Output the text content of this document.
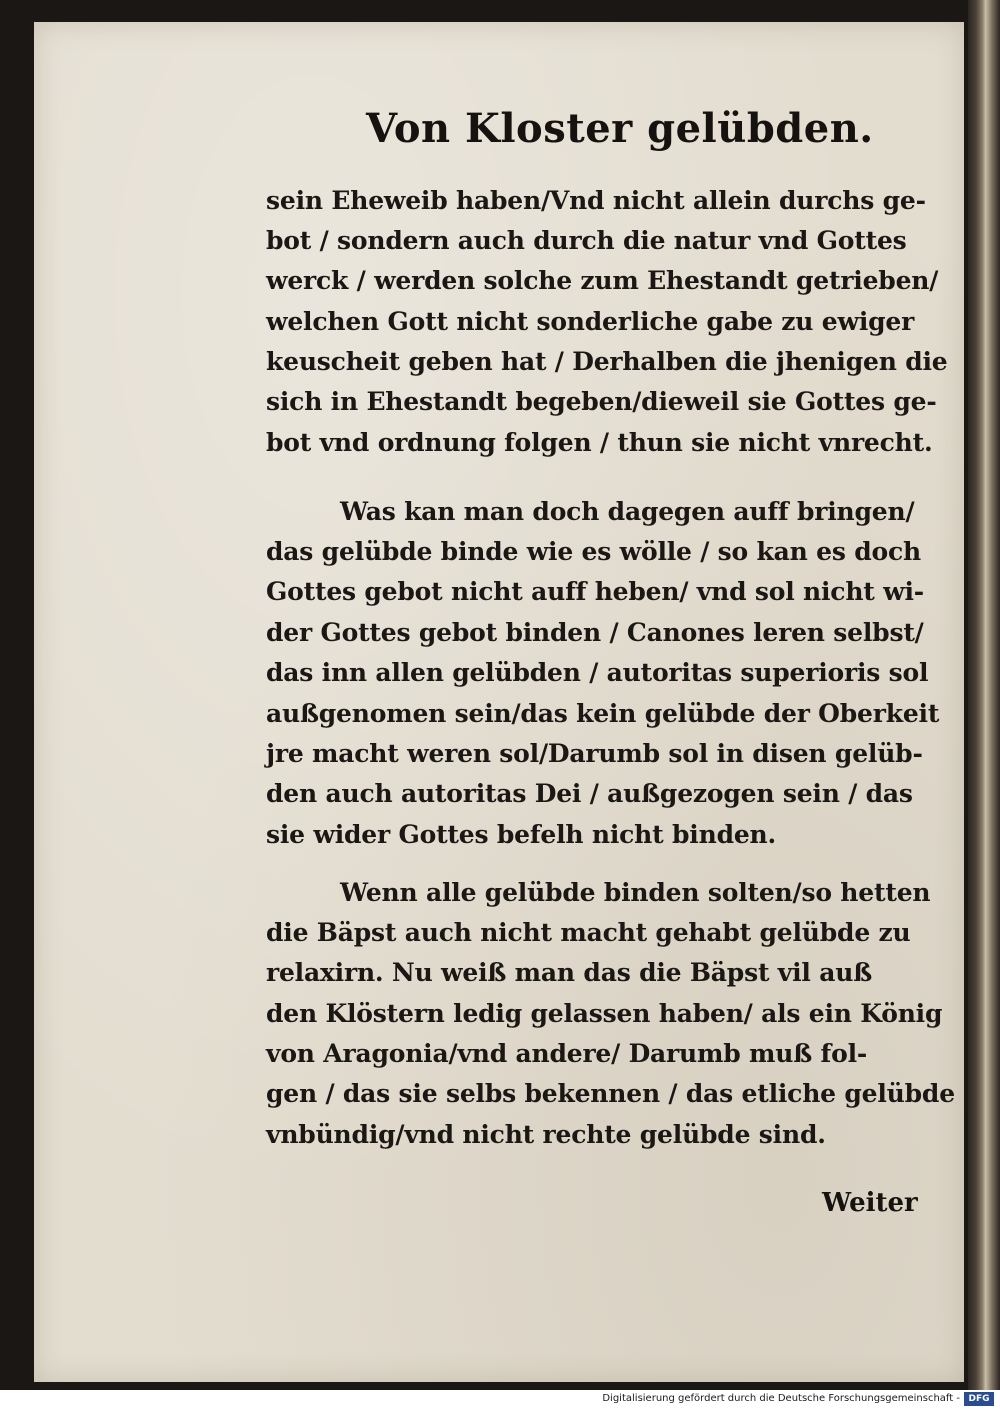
Von Kloster gelübden.
sein Eheweib haben/Vnd nicht allein durchs ge-
bot / sondern auch durch die natur vnd Gottes
werck / werden solche zum Ehestandt getrieben/
welchen Gott nicht sonderliche gabe zu ewiger
keuscheit geben hat / Derhalben die jhenigen die
sich in Ehestandt begeben/dieweil sie Gottes ge-
bot vnd ordnung folgen / thun sie nicht vnrecht.
Was kan man doch dagegen auff bringen/
das gelübde binde wie es wölle / so kan es doch
Gottes gebot nicht auff heben/ vnd sol nicht wi-
der Gottes gebot binden / Canones leren selbst/
das inn allen gelübden / autoritas superioris sol
außgenomen sein/das kein gelübde der Oberkeit
jre macht weren sol/Darumb sol in disen gelüb-
den auch autoritas Dei / außgezogen sein / das
sie wider Gottes befelh nicht binden.
Wenn alle gelübde binden solten/so hetten
die Bäpst auch nicht macht gehabt gelübde zu
relaxirn. Nu weiß man das die Bäpst vil auß
den Klöstern ledig gelassen haben/ als ein König
von Aragonia/vnd andere/ Darumb muß fol-
gen / das sie selbs bekennen / das etliche gelübde
vnbündig/vnd nicht rechte gelübde sind.
Weiter
Digitalisierung gefördert durch die Deutsche Forschungsgemeinschaft - DFG
